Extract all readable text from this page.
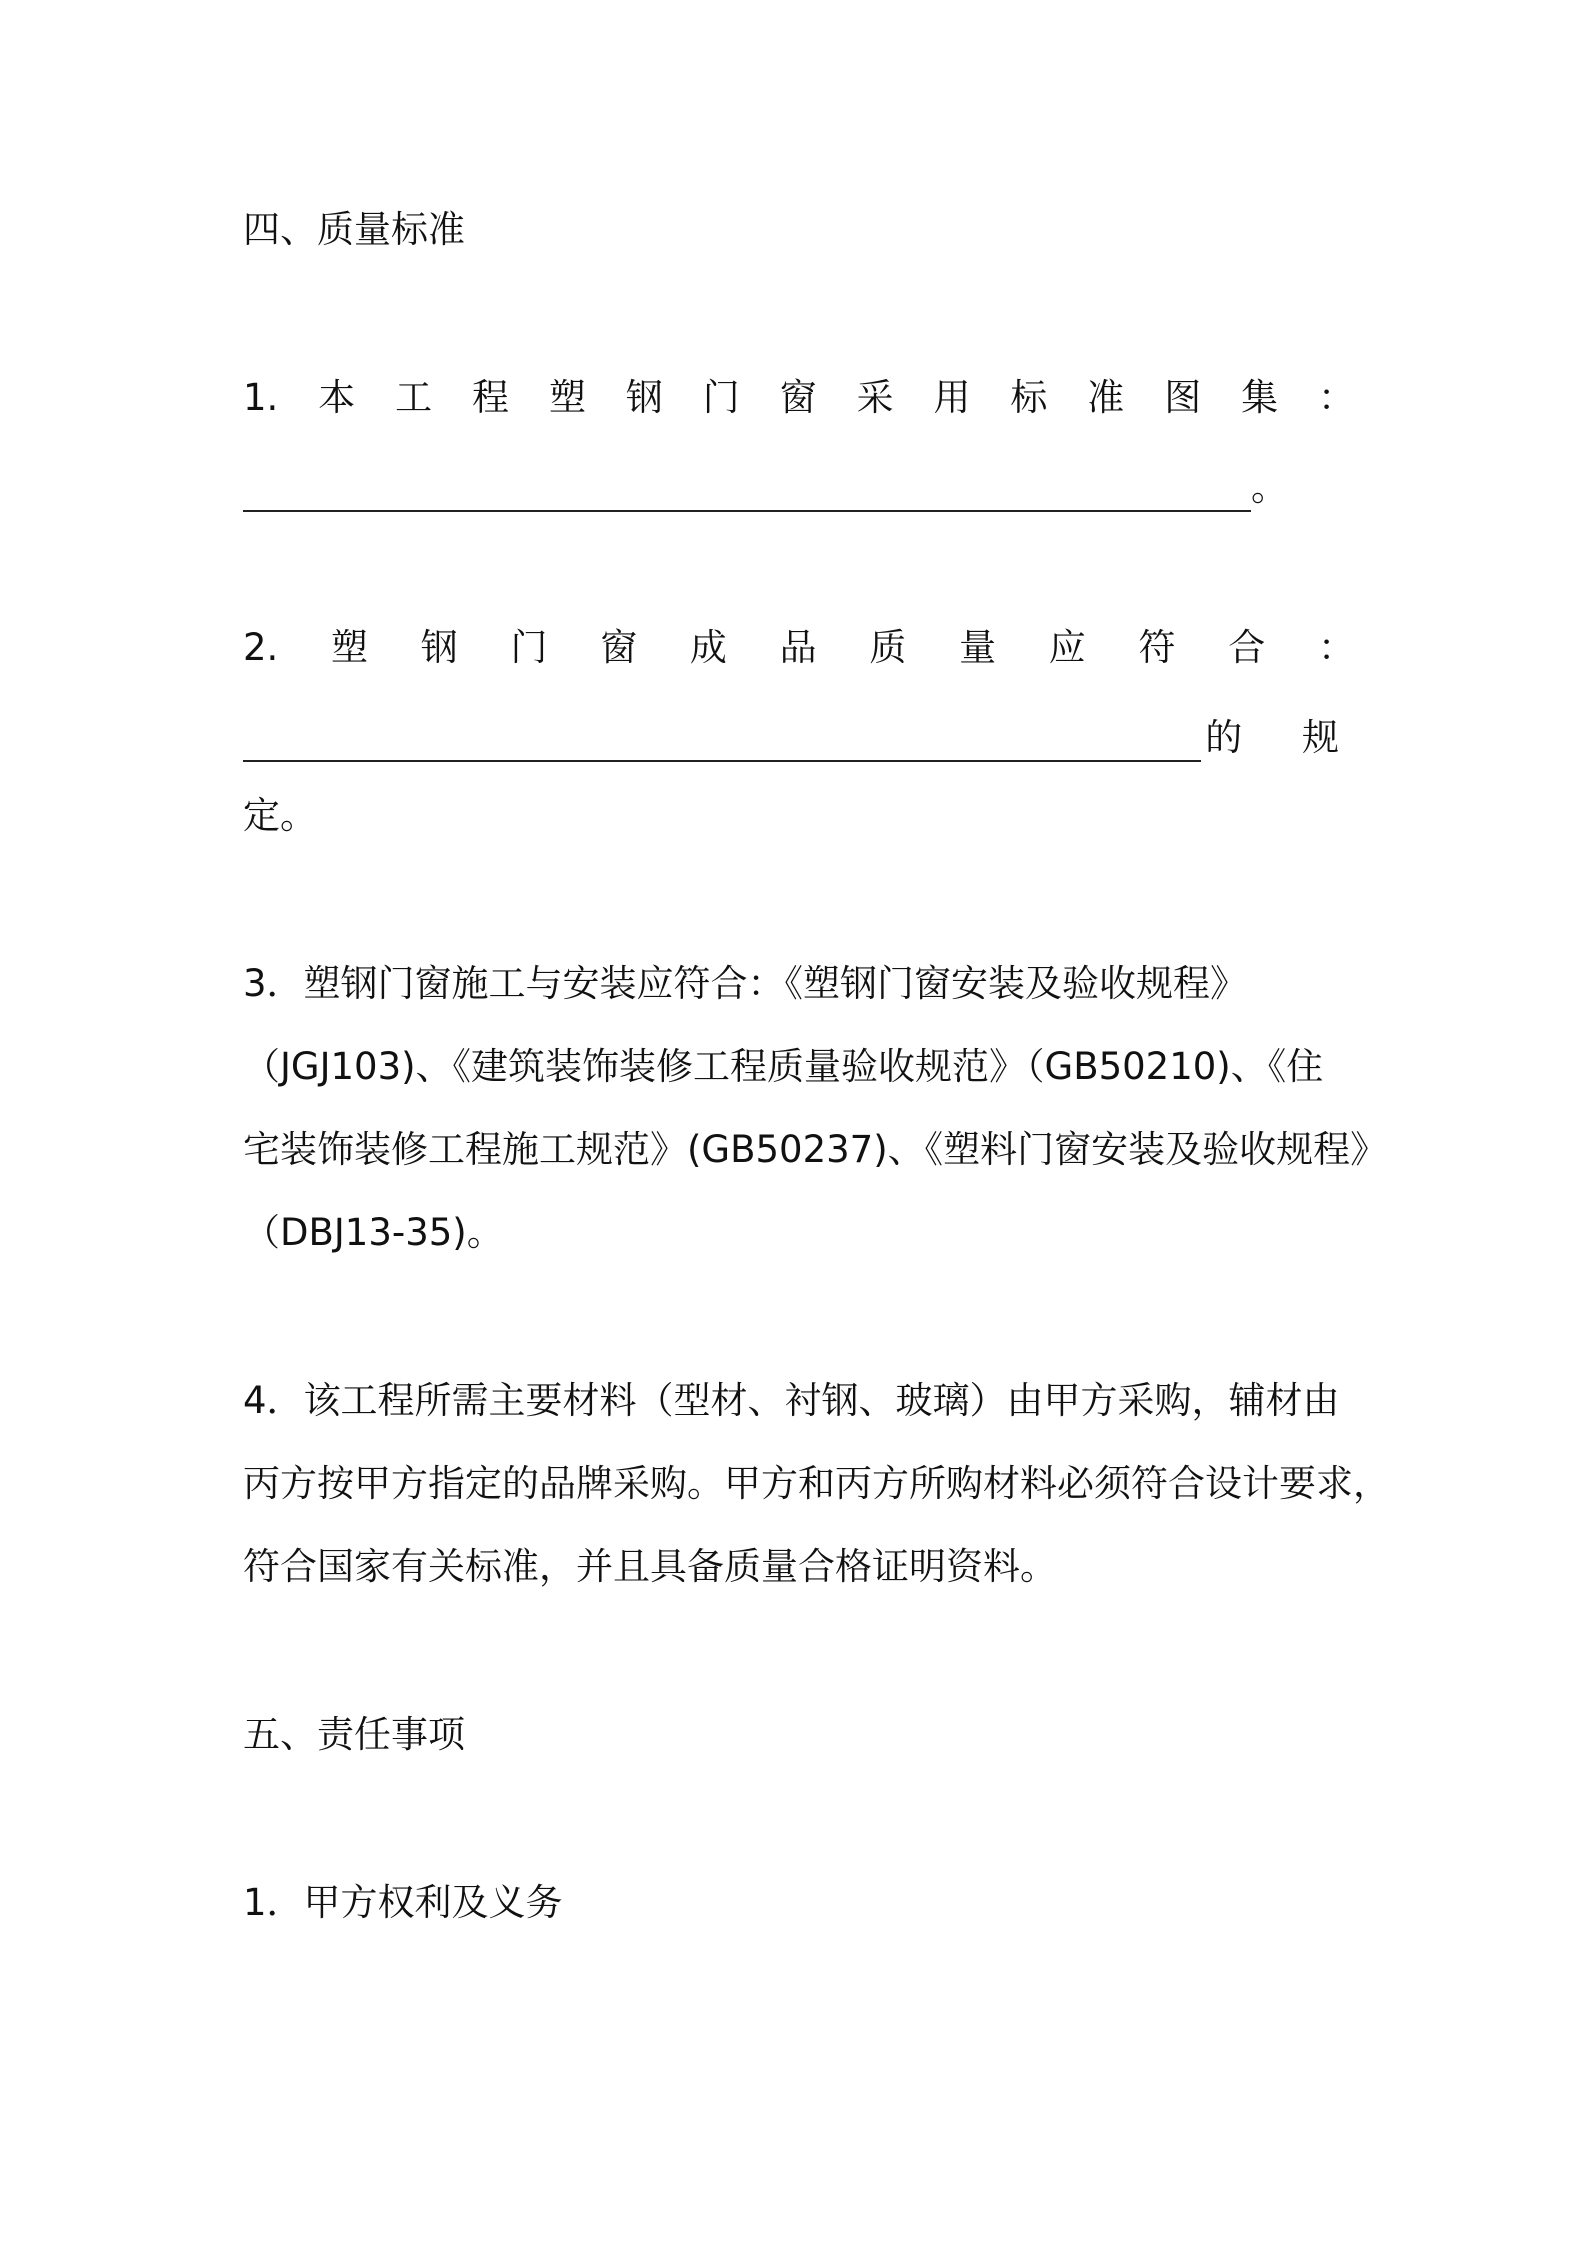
四、质量标准
1. 本 工 程 塑 钢 门 窗 采 用 标 准 图 集 ：
。
2. 塑 钢 门 窗 成 品 质 量 应 符 合 ：
的 规
定。
3．塑钢门窗施工与安装应符合：《塑钢门窗安装及验收规程》
（JGJ103)、《建筑装饰装修工程质量验收规范》（GB50210)、《住
宅装饰装修工程施工规范》(GB50237)、《塑料门窗安装及验收规程》
（DBJ13-35)。
4．该工程所需主要材料（型材、衬钢、玻璃）由甲方采购，辅材由
丙方按甲方指定的品牌采购。甲方和丙方所购材料必须符合设计要求，
符合国家有关标准，并且具备质量合格证明资料。
五、责任事项
1．甲方权利及义务
